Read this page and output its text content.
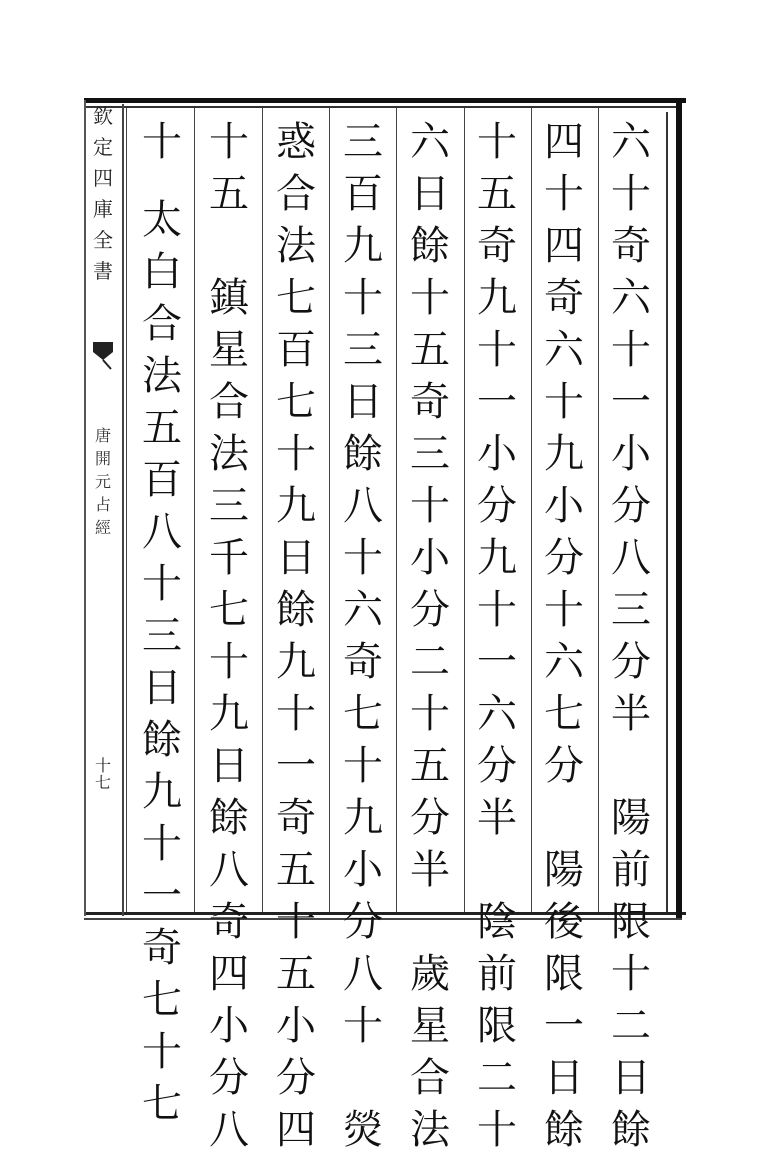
欽
定
四
庫
全
書
唐
開
元
占
經
十
七
六
十
奇
六
十
一
小
分
八
三
分
半
陽
前
限
十
二
日
餘
四
十
四
奇
六
十
九
小
分
十
六
七
分
陽
後
限
一
日
餘
十
五
奇
九
十
一
小
分
九
十
一
六
分
半
陰
前
限
二
十
六
日
餘
十
五
奇
三
十
小
分
二
十
五
分
半
歲
星
合
法
三
百
九
十
三
日
餘
八
十
六
奇
七
十
九
小
分
八
十
熒
惑
合
法
七
百
七
十
九
日
餘
九
十
一
奇
五
十
五
小
分
四
十
五
鎮
星
合
法
三
千
七
十
九
日
餘
八
奇
四
小
分
八
十
太
白
合
法
五
百
八
十
三
日
餘
九
十
一
奇
七
十
七
